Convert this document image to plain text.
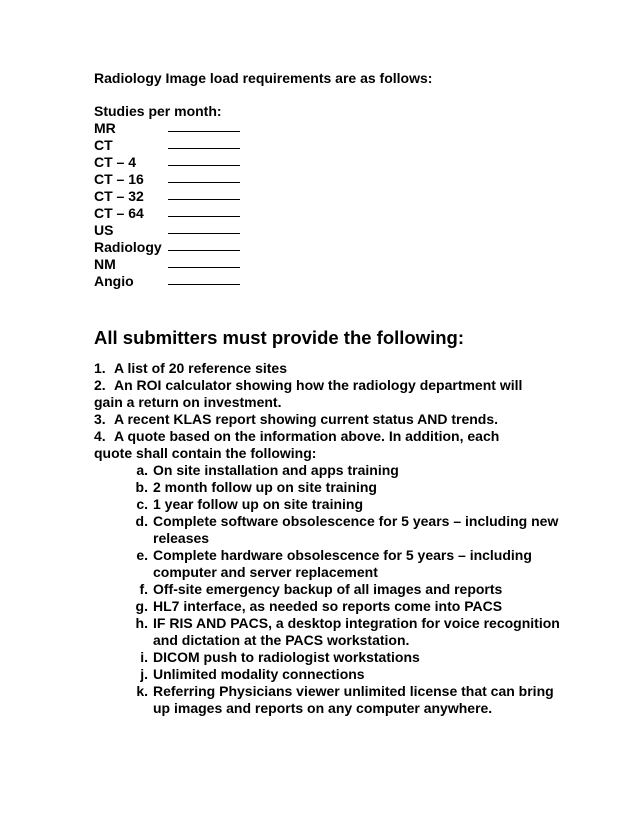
Radiology Image load requirements are as follows:

Studies per month:

MR
CT
CT – 4
CT – 16
CT – 32
CT – 64
US
Radiology
NM
Angio

All submitters must provide the following:

1. A list of 20 reference sites
2. An ROI calculator showing how the radiology department will
gain a return on investment.
3. A recent KLAS report showing current status AND trends.
4. A quote based on the information above. In addition, each
quote shall contain the following:
a. On site installation and apps training
b. 2 month follow up on site training
c. 1 year follow up on site training
d. Complete software obsolescence for 5 years – including new releases
e. Complete hardware obsolescence for 5 years – including computer and server replacement
f. Off-site emergency backup of all images and reports
g. HL7 interface, as needed so reports come into PACS
h. IF RIS AND PACS, a desktop integration for voice recognition and dictation at the PACS workstation.
i. DICOM push to radiologist workstations
j. Unlimited modality connections
k. Referring Physicians viewer unlimited license that can bring up images and reports on any computer anywhere.
